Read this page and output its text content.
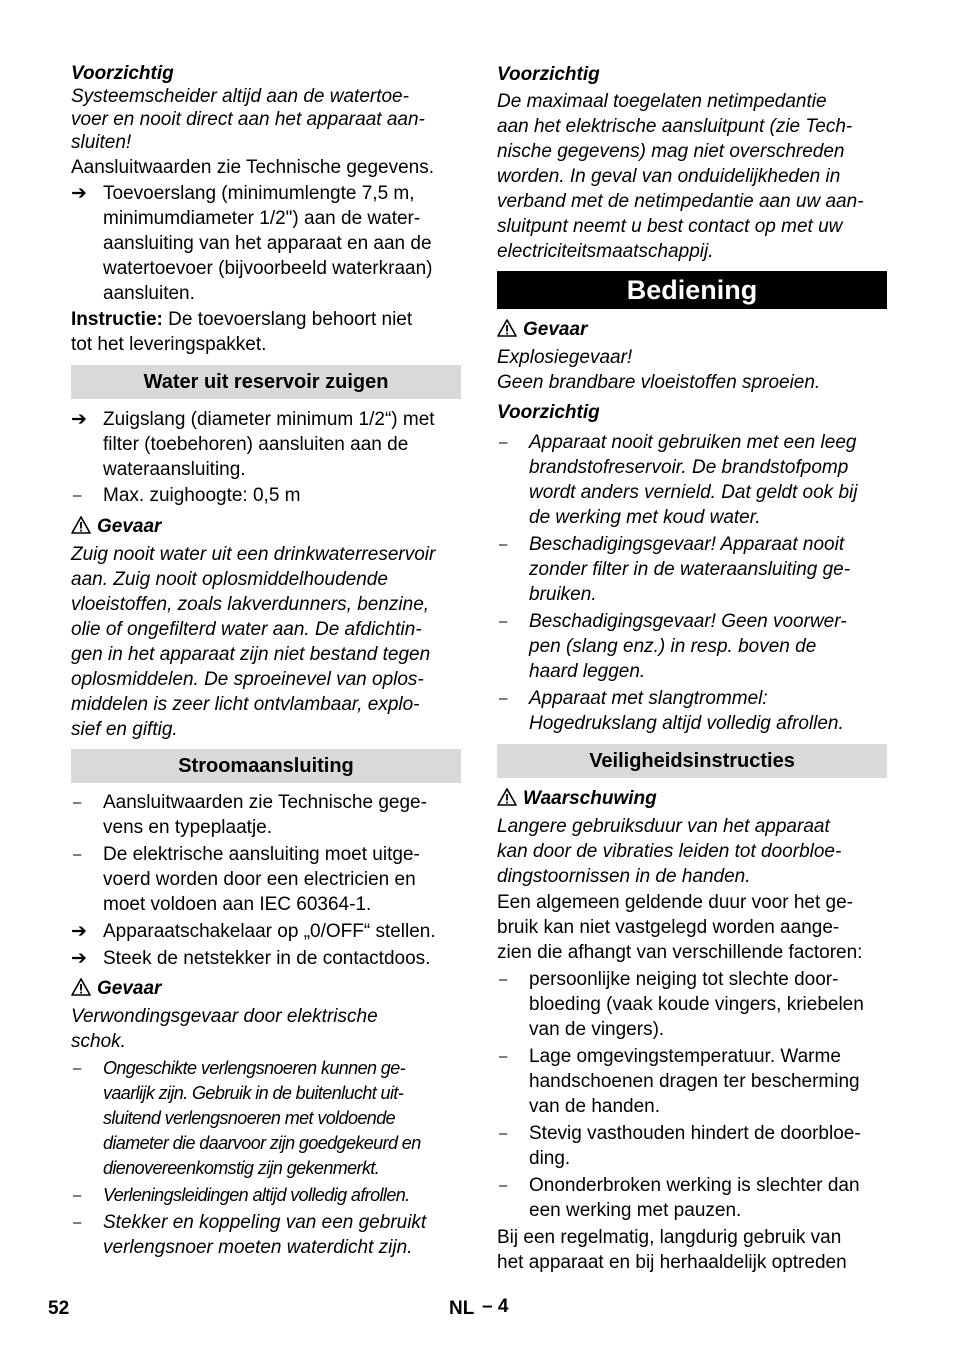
Voorzichtig

Systeemscheider altijd aan de watertoe-
voer en nooit direct aan het apparaat aan-
sluiten!

Aansluitwaarden zie Technische gegevens.

➔ Toevoerslang (minimumlengte 7,5 m,
minimumdiameter 1/2") aan de water-
aansluiting van het apparaat en aan de
watertoevoer (bijvoorbeeld waterkraan)
aansluiten.

Instructie: De toevoerslang behoort niet
tot het leveringspakket.

Water uit reservoir zuigen
➔ Zuigslang (diameter minimum 1/2“) met
filter (toebehoren) aansluiten aan de
wateraansluiting.
–	Max. zuighoogte: 0,5 m

Gevaar

Zuig nooit water uit een drinkwaterreservoir
aan. Zuig nooit oplosmiddelhoudende
vloeistoffen, zoals lakverdunners, benzine,
olie of ongefilterd water aan. De afdichtin-
gen in het apparaat zijn niet bestand tegen
oplosmiddelen. De sproeinevel van oplos-
middelen is zeer licht ontvlambaar, explo-
sief en giftig.

Stroomaansluiting
–	Aansluitwaarden zie Technische gege-
vens en typeplaatje.
–	De elektrische aansluiting moet uitge-
voerd worden door een electricien en
moet voldoen aan IEC 60364-1.
➔ Apparaatschakelaar op „0/OFF“ stellen.
➔ Steek de netstekker in de contactdoos.

Gevaar

Verwondingsgevaar door elektrische
schok.

–	Ongeschikte verlengsnoeren kunnen ge-
vaarlijk zijn. Gebruik in de buitenlucht uit-
sluitend verlengsnoeren met voldoende
diameter die daarvoor zijn goedgekeurd en
dienovereenkomstig zijn gekenmerkt.
–	Verleningsleidingen altijd volledig afrollen.
–	Stekker en koppeling van een gebruikt
verlengsnoer moeten waterdicht zijn.

Voorzichtig

De maximaal toegelaten netimpedantie
aan het elektrische aansluitpunt (zie Tech-
nische gegevens) mag niet overschreden
worden. In geval van onduidelijkheden in
verband met de netimpedantie aan uw aan-
sluitpunt neemt u best contact op met uw
electriciteitsmaatschappij.

Bediening

Gevaar

Explosiegevaar!
Geen brandbare vloeistoffen sproeien.

Voorzichtig

–	Apparaat nooit gebruiken met een leeg
brandstofreservoir. De brandstofpomp
wordt anders vernield. Dat geldt ook bij
de werking met koud water.
–	Beschadigingsgevaar! Apparaat nooit
zonder filter in de wateraansluiting ge-
bruiken.
–	Beschadigingsgevaar! Geen voorwer-
pen (slang enz.) in resp. boven de
haard leggen.
–	Apparaat met slangtrommel:
Hogedrukslang altijd volledig afrollen.
Veiligheidsinstructies

Waarschuwing

Langere gebruiksduur van het apparaat
kan door de vibraties leiden tot doorbloe-
dingstoornissen in de handen.

Een algemeen geldende duur voor het ge-
bruik kan niet vastgelegd worden aange-
zien die afhangt van verschillende factoren:

–	persoonlijke neiging tot slechte door-
bloeding (vaak koude vingers, kriebelen
van de vingers).
–	Lage omgevingstemperatuur. Warme
handschoenen dragen ter bescherming
van de handen.
–	Stevig vasthouden hindert de doorbloe-
ding.
–	Ononderbroken werking is slechter dan
een werking met pauzen.

Bij een regelmatig, langdurig gebruik van
het apparaat en bij herhaaldelijk optreden

52	NL – 4
